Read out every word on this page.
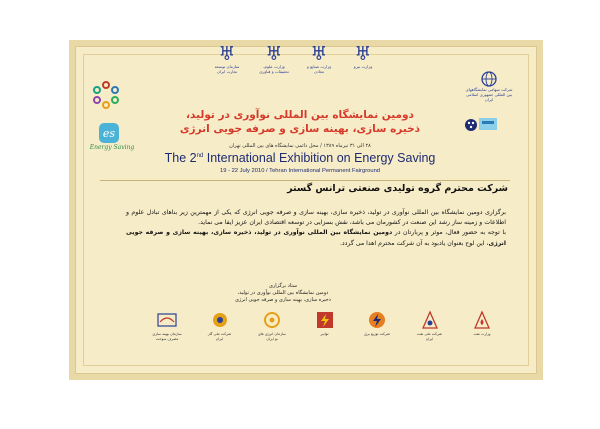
♅
سازمان توسعه تجارت ایران
♅
وزارت علوم، تحقیقات و فناوری
♅
وزارت صنایع و معادن
♅
وزارت نیرو
es
Energy Saving
شرکت سهامی نمایشگاههای بین المللی جمهوری اسلامی ایران
دومین نمایشگاه بین المللی نوآوری در تولید،
ذخیره سازی، بهینه سازی و صرفه جویی انرژی
۲۸ الی ۳۱ تیرماه ۱۳۸۹ / محل دائمی نمایشگاه های بین المللی تهران
The 2nd International Exhibition on Energy Saving
19 - 22 July 2010 / Tehran International Permanent Fairground
شرکت محترم گروه تولیدی صنعتی ترانس گستر

برگزاری دومین نمایشگاه بین المللی نوآوری در تولید، ذخیره سازی، بهینه سازی و صرفه جویی انرژی که یکی از مهمترین زیر بناهای تبادل علوم و اطلاعات و زمینه ساز رشد این صنعت در کشورمان می باشد، نقش بسزایی در توسعه اقتصادی ایران عزیز ایفا می نماید.

با توجه به حضور فعال، موثر و پربارتان در دومین نمایشگاه بین المللی نوآوری در تولید، ذخیره سازی، بهینه سازی و صرفه جویی انرژی، این لوح بعنوان یادبود به آن شرکت محترم اهدا می گردد.

ستاد برگزاری
دومین نمایشگاه بین المللی نوآوری در تولید،
ذخیره سازی، بهینه سازی و صرفه جویی انرژی
سازمان بهینه سازی مصرف سوخت
شرکت ملی گاز ایران
سازمان انرژی های نو ایران
توانیر	شرکت توزیع برق	شرکت ملی نفت ایران
وزارت نفت
